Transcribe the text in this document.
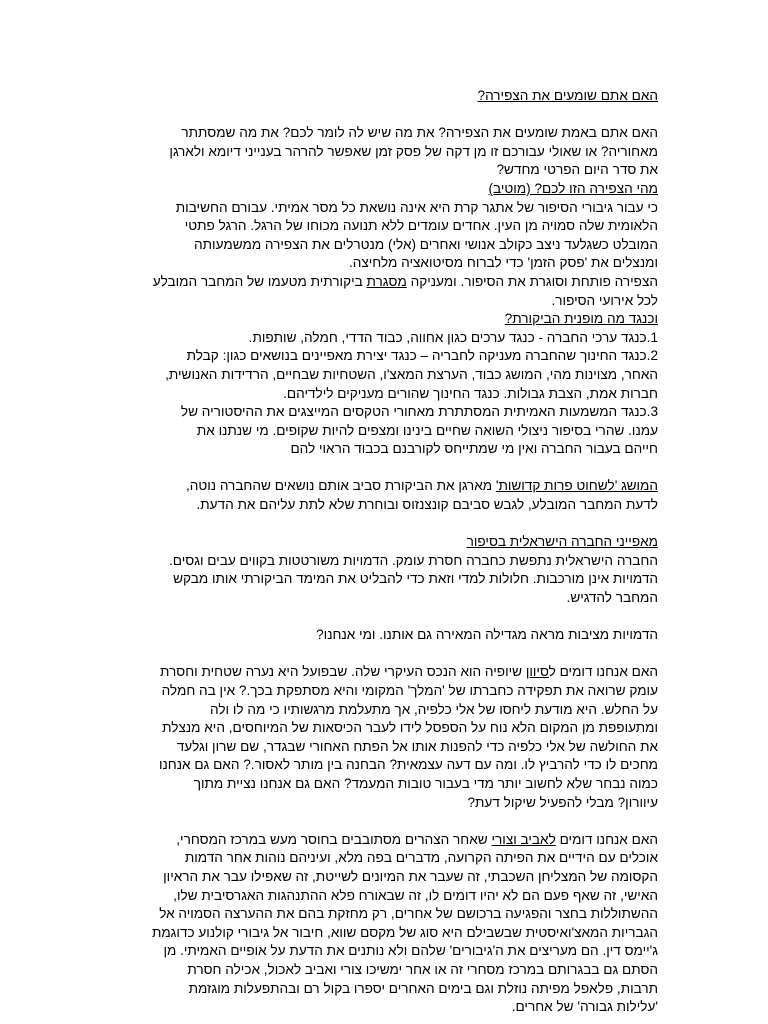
האם אתם שומעים את הצפירה?

האם אתם באמת שומעים את הצפירה? את מה שיש לה לומר לכם? את מה שמסתתר
מאחוריה? או שאולי עבורכם זו מן דקה של פסק זמן שאפשר להרהר בענייני דיומא ולארגן
את סדר היום הפרטי מחדש?

מהי הצפירה הזו לכם? (מוטיב)
כי עבור גיבורי הסיפור של אתגר קרת היא אינה נושאת כל מסר אמיתי. עבורם החשיבות
הלאומית שלה סמויה מן העין. אחדים עומדים ללא תנועה מכוחו של הרגל. הרגל פתטי
המובלט כשגלעד ניצב כקולב אנושי ואחרים (אלי) מנטרלים את הצפירה ממשמעותה
ומנצלים את 'פסק הזמן' כדי לברוח מסיטואציה מלחיצה.

הצפירה פותחת וסוגרת את הסיפור. ומעניקה מסגרת ביקורתית מטעמו של המחבר המובלע
לכל אירועי הסיפור.

וכנגד מה מופנית הביקורת?
1.כנגד ערכי החברה - כנגד ערכים כגון אחווה, כבוד הדדי, חמלה, שותפות.
2.כנגד החינוך שהחברה מעניקה לחבריה – כנגד יצירת מאפיינים בנושאים כגון: קבלת
האחר, מצוינות מהי, המושג כבוד, הערצת המאצ'ו, השטחיות שבחיים, הרדידות האנושית,
חברות אמת, הצבת גבולות. כנגד החינוך שהורים מעניקים לילדיהם.
3.כנגד המשמעות האמיתית המסתתרת מאחורי הטקסים המייצגים את ההיסטוריה של
עמנו. שהרי בסיפור ניצולי השואה שחיים בינינו ומצפים להיות שקופים. מי שנתנו את
חייהם בעבור החברה ואין מי שמתייחס לקורבנם בכבוד הראוי להם

המושג 'לשחוט פרות קדושות' מארגן את הביקורת סביב אותם נושאים שהחברה נוטה,
לדעת המחבר המובלע, לגבש סביבם קונצנזוס ובוחרת שלא לתת עליהם את הדעת.

מאפייני החברה הישראלית בסיפור
החברה הישראלית נתפשת כחברה חסרת עומק. הדמויות משורטטות בקווים עבים וגסים.
הדמויות אינן מורכבות. חלולות למדי וזאת כדי להבליט את המימד הביקורתי אותו מבקש
המחבר להדגיש.

הדמויות מציבות מראה מגדילה המאירה גם אותנו. ומי אנחנו?

האם אנחנו דומים לסיוון שיופיה הוא הנכס העיקרי שלה. שבפועל היא נערה שטחית וחסרת
עומק שרואה את תפקידה כחברתו של 'המלך' המקומי והיא מסתפקת בכך.? אין בה חמלה
על החלש. היא מודעת ליחסו של אלי כלפיה, אך מתעלמת מרגשותיו כי מה לו ולה
ומתעופפת מן המקום הלא נוח על הספסל לידו לעבר הכיסאות של המיוחסים, היא מנצלת
את החולשה של אלי כלפיה כדי להפנות אותו אל הפתח האחורי שבגדר, שם שרון וגלעד
מחכים לו כדי להרביץ לו. ומה עם דעה עצמאית? הבחנה בין מותר לאסור.? האם גם אנחנו
כמוה נבחר שלא לחשוב יותר מדי בעבור טובות המעמד? האם גם אנחנו נציית מתוך
עיוורון? מבלי להפעיל שיקול דעת?

האם אנחנו דומים לאביב וצורי שאחר הצהרים מסתובבים בחוסר מעש במרכז המסחרי,
אוכלים עם הידיים את הפיתה הקרועה, מדברים בפה מלא, ועיניהם נוהות אחר הדמות
הקסומה של המצליחן השכבתי, זה שעבר את המיונים לשייטת, זה שאפילו עבר את הראיון
האישי, זה שאף פעם הם לא יהיו דומים לו, זה שבאורח פלא ההתנהגות האגרסיבית שלו,
ההשתוללות בחצר והפגיעה ברכושם של אחרים, רק מחזקת בהם את ההערצה הסמויה אל
הגבריות המאצ'ואיסטית שבשבילם היא סוג של מקסם שווא, חיבור אל גיבורי קולנוע כדוגמת
ג'יימס דין. הם מעריצים את ה'גיבורים' שלהם ולא נותנים את הדעת על אופיים האמיתי. מן
הסתם גם בבגרותם במרכז מסחרי זה או אחר ימשיכו צורי ואביב לאכול, אכילה חסרת
תרבות, פלאפל מפיתה נוזלת וגם בימים האחרים יספרו בקול רם ובהתפעלות מוגזמת
'עלילות גבורה' של אחרים.
